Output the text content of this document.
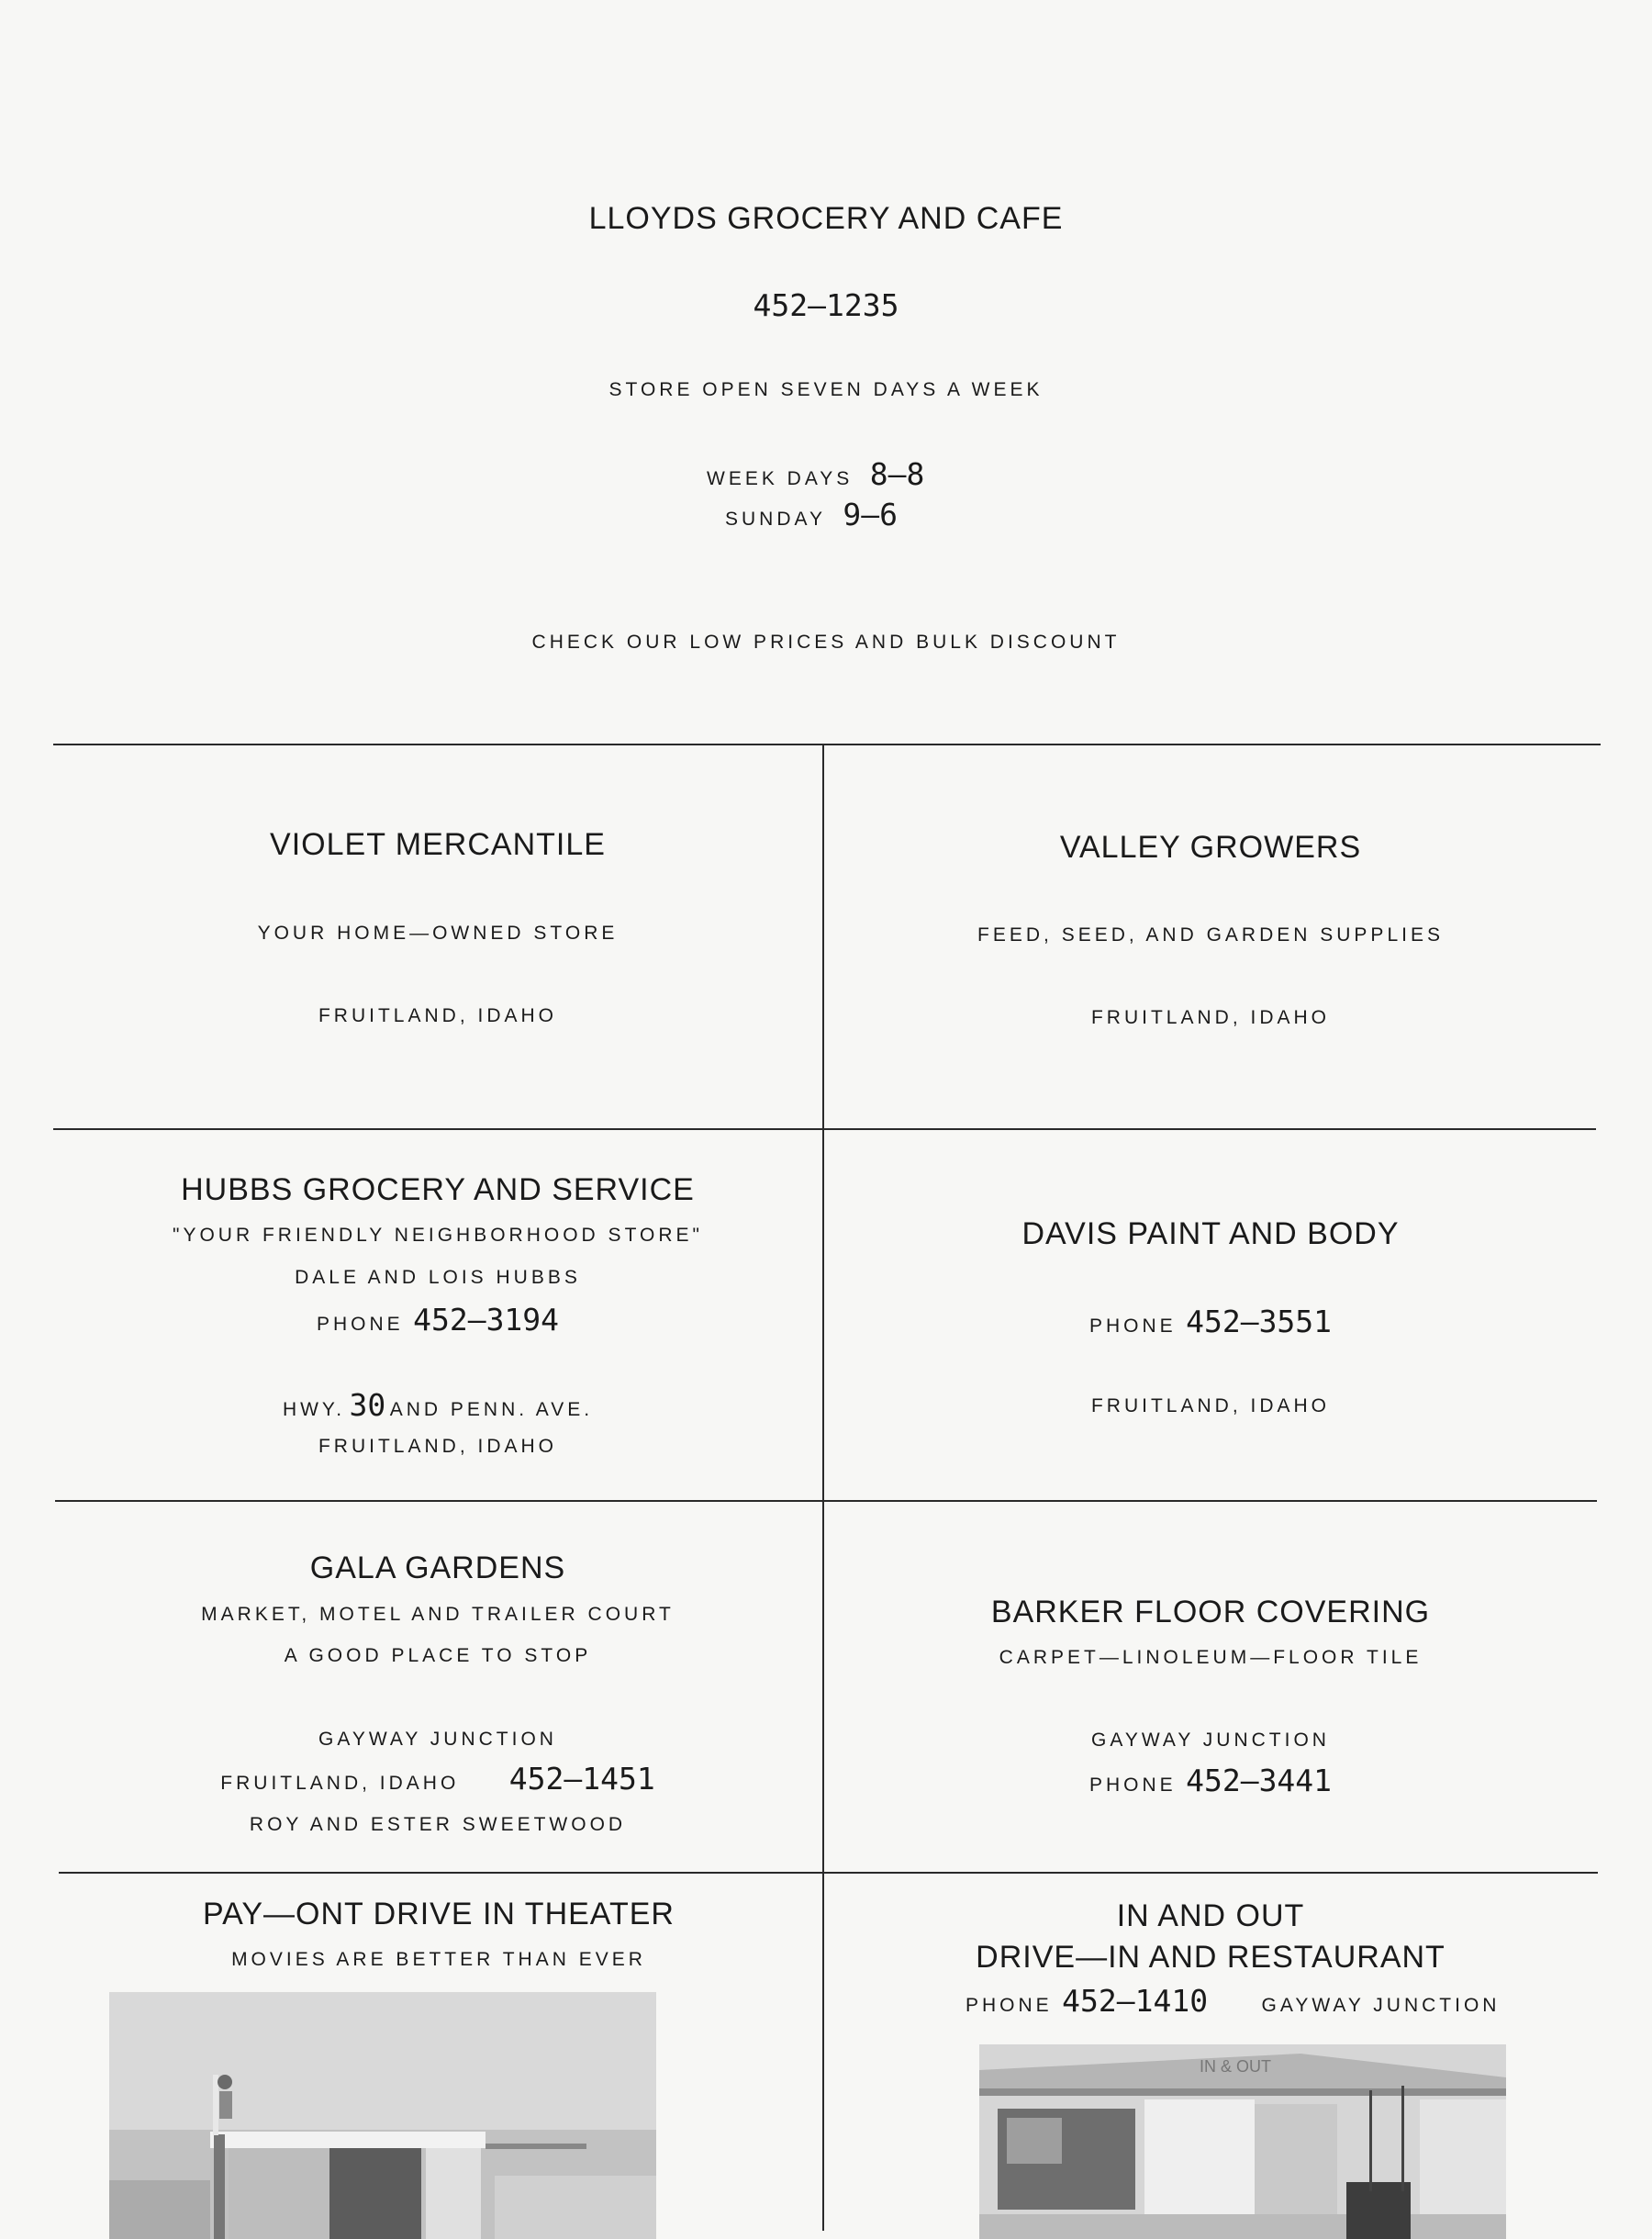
LLOYDS GROCERY AND CAFE
452—1235
STORE OPEN SEVEN DAYS A WEEK
WEEK DAYS 8—8
SUNDAY 9—6
CHECK OUR LOW PRICES AND BULK DISCOUNT
VIOLET MERCANTILE
YOUR HOME—OWNED STORE
FRUITLAND, IDAHO
VALLEY GROWERS
FEED, SEED, AND GARDEN SUPPLIES
FRUITLAND, IDAHO
HUBBS GROCERY AND SERVICE
"YOUR FRIENDLY NEIGHBORHOOD STORE"
DALE AND LOIS HUBBS
PHONE 452—3194
HWY. 30 AND PENN. AVE.
FRUITLAND, IDAHO
DAVIS PAINT AND BODY
PHONE 452—3551
FRUITLAND, IDAHO
GALA GARDENS
MARKET, MOTEL AND TRAILER COURT
A GOOD PLACE TO STOP
GAYWAY JUNCTION
FRUITLAND, IDAHO 452—1451
ROY AND ESTER SWEETWOOD
BARKER FLOOR COVERING
CARPET—LINOLEUM—FLOOR TILE
GAYWAY JUNCTION
PHONE 452—3441
PAY—ONT DRIVE IN THEATER
MOVIES ARE BETTER THAN EVER
IN AND OUT
DRIVE—IN AND RESTAURANT
PHONE 452—1410	GAYWAY JUNCTION
IN & OUT
